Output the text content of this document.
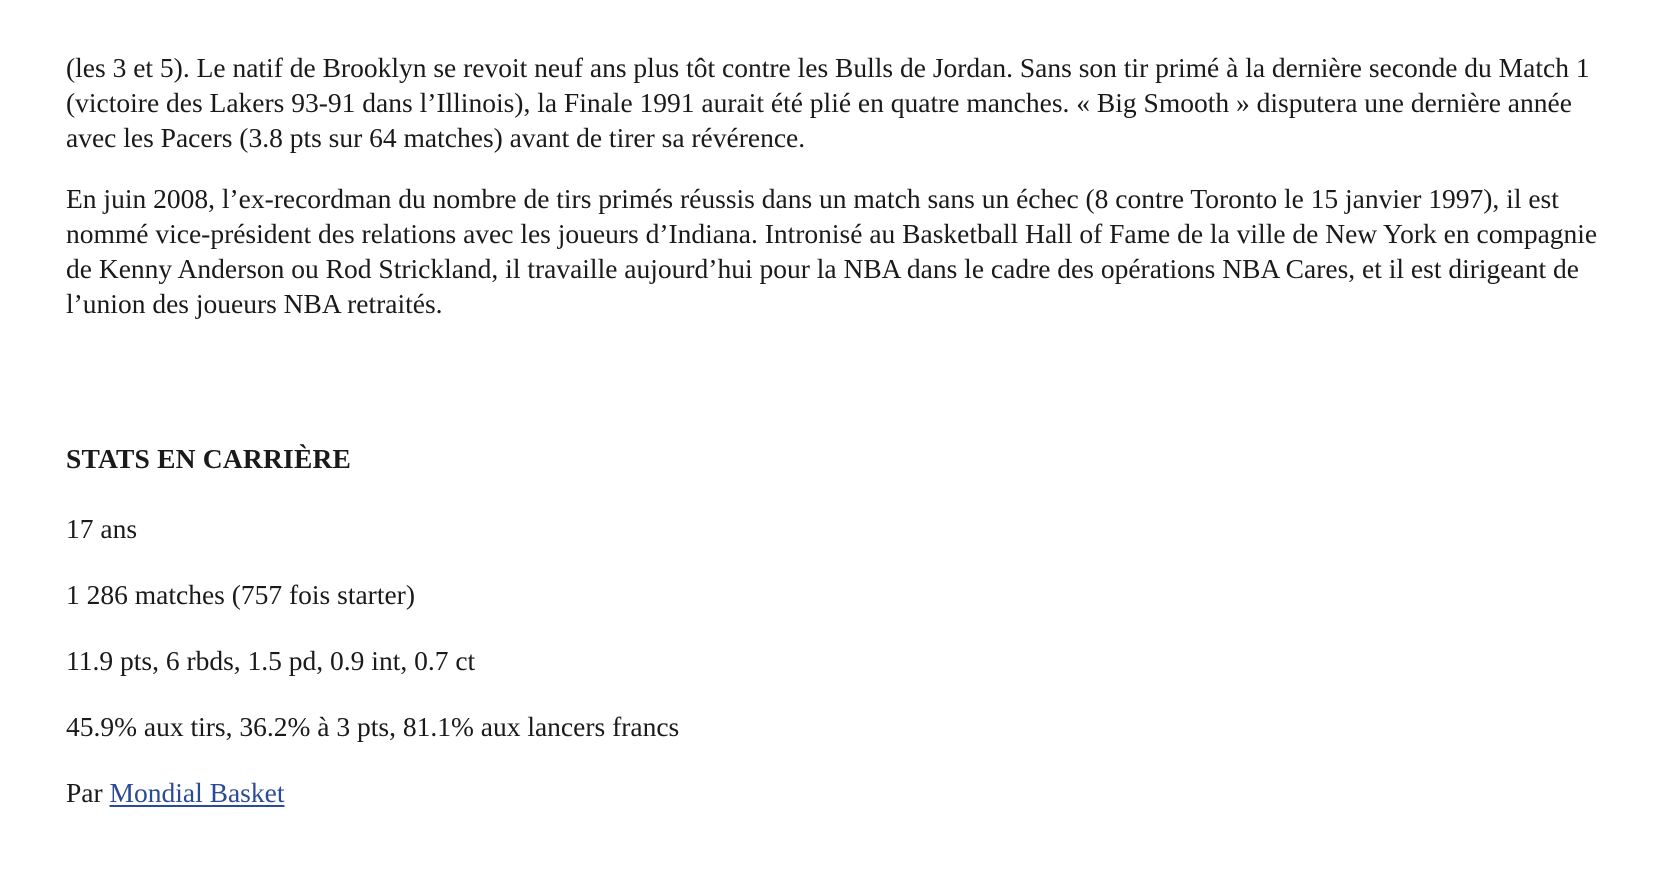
(les 3 et 5). Le natif de Brooklyn se revoit neuf ans plus tôt contre les Bulls de Jordan. Sans son tir primé à la dernière seconde du Match 1 (victoire des Lakers 93-91 dans l’Illinois), la Finale 1991 aurait été plié en quatre manches. « Big Smooth » disputera une dernière année avec les Pacers (3.8 pts sur 64 matches) avant de tirer sa révérence.

En juin 2008, l’ex-recordman du nombre de tirs primés réussis dans un match sans un échec (8 contre Toronto le 15 janvier 1997), il est nommé vice-président des relations avec les joueurs d’Indiana. Intronisé au Basketball Hall of Fame de la ville de New York en compagnie de Kenny Anderson ou Rod Strickland, il travaille aujourd’hui pour la NBA dans le cadre des opérations NBA Cares, et il est dirigeant de l’union des joueurs NBA retraités.

STATS EN CARRIÈRE

17 ans

1 286 matches (757 fois starter)

11.9 pts, 6 rbds, 1.5 pd, 0.9 int, 0.7 ct

45.9% aux tirs, 36.2% à 3 pts, 81.1% aux lancers francs

Par Mondial Basket
